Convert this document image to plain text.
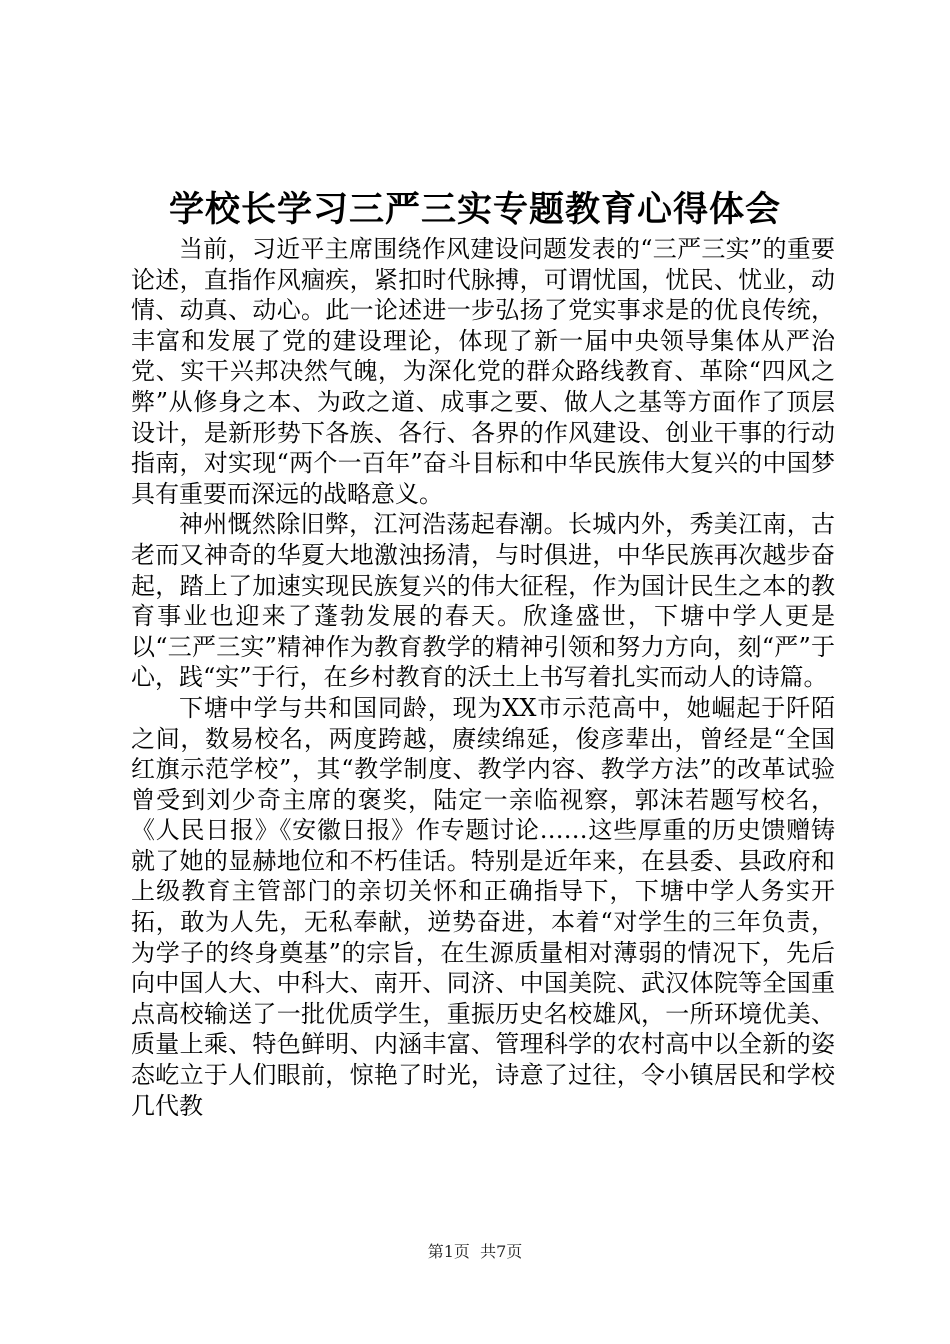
学校长学习三严三实专题教育心得体会

当前，习近平主席围绕作风建设问题发表的“三严三实”的重要论述，直指作风痼疾，紧扣时代脉搏，可谓忧国，忧民、忧业，动情、动真、动心。此一论述进一步弘扬了党实事求是的优良传统，丰富和发展了党的建设理论，体现了新一届中央领导集体从严治党、实干兴邦决然气魄，为深化党的群众路线教育、革除“四风之弊”从修身之本、为政之道、成事之要、做人之基等方面作了顶层设计，是新形势下各族、各行、各界的作风建设、创业干事的行动指南，对实现“两个一百年”奋斗目标和中华民族伟大复兴的中国梦具有重要而深远的战略意义。

神州慨然除旧弊，江河浩荡起春潮。长城内外，秀美江南，古老而又神奇的华夏大地激浊扬清，与时俱进，中华民族再次越步奋起，踏上了加速实现民族复兴的伟大征程，作为国计民生之本的教育事业也迎来了蓬勃发展的春天。欣逢盛世，下塘中学人更是以“三严三实”精神作为教育教学的精神引领和努力方向，刻“严”于心，践“实”于行，在乡村教育的沃土上书写着扎实而动人的诗篇。

下塘中学与共和国同龄，现为XX市示范高中，她崛起于阡陌之间，数易校名，两度跨越，赓续绵延，俊彦辈出，曾经是“全国红旗示范学校”，其“教学制度、教学内容、教学方法”的改革试验曾受到刘少奇主席的褒奖，陆定一亲临视察，郭沫若题写校名，《人民日报》《安徽日报》作专题讨论……这些厚重的历史馈赠铸就了她的显赫地位和不朽佳话。特别是近年来，在县委、县政府和上级教育主管部门的亲切关怀和正确指导下，下塘中学人务实开拓，敢为人先，无私奉献，逆势奋进，本着“对学生的三年负责，为学子的终身奠基”的宗旨，在生源质量相对薄弱的情况下，先后向中国人大、中科大、南开、同济、中国美院、武汉体院等全国重点高校输送了一批优质学生，重振历史名校雄风，一所环境优美、质量上乘、特色鲜明、内涵丰富、管理科学的农村高中以全新的姿态屹立于人们眼前，惊艳了时光，诗意了过往，令小镇居民和学校几代教

第1页 共7页
